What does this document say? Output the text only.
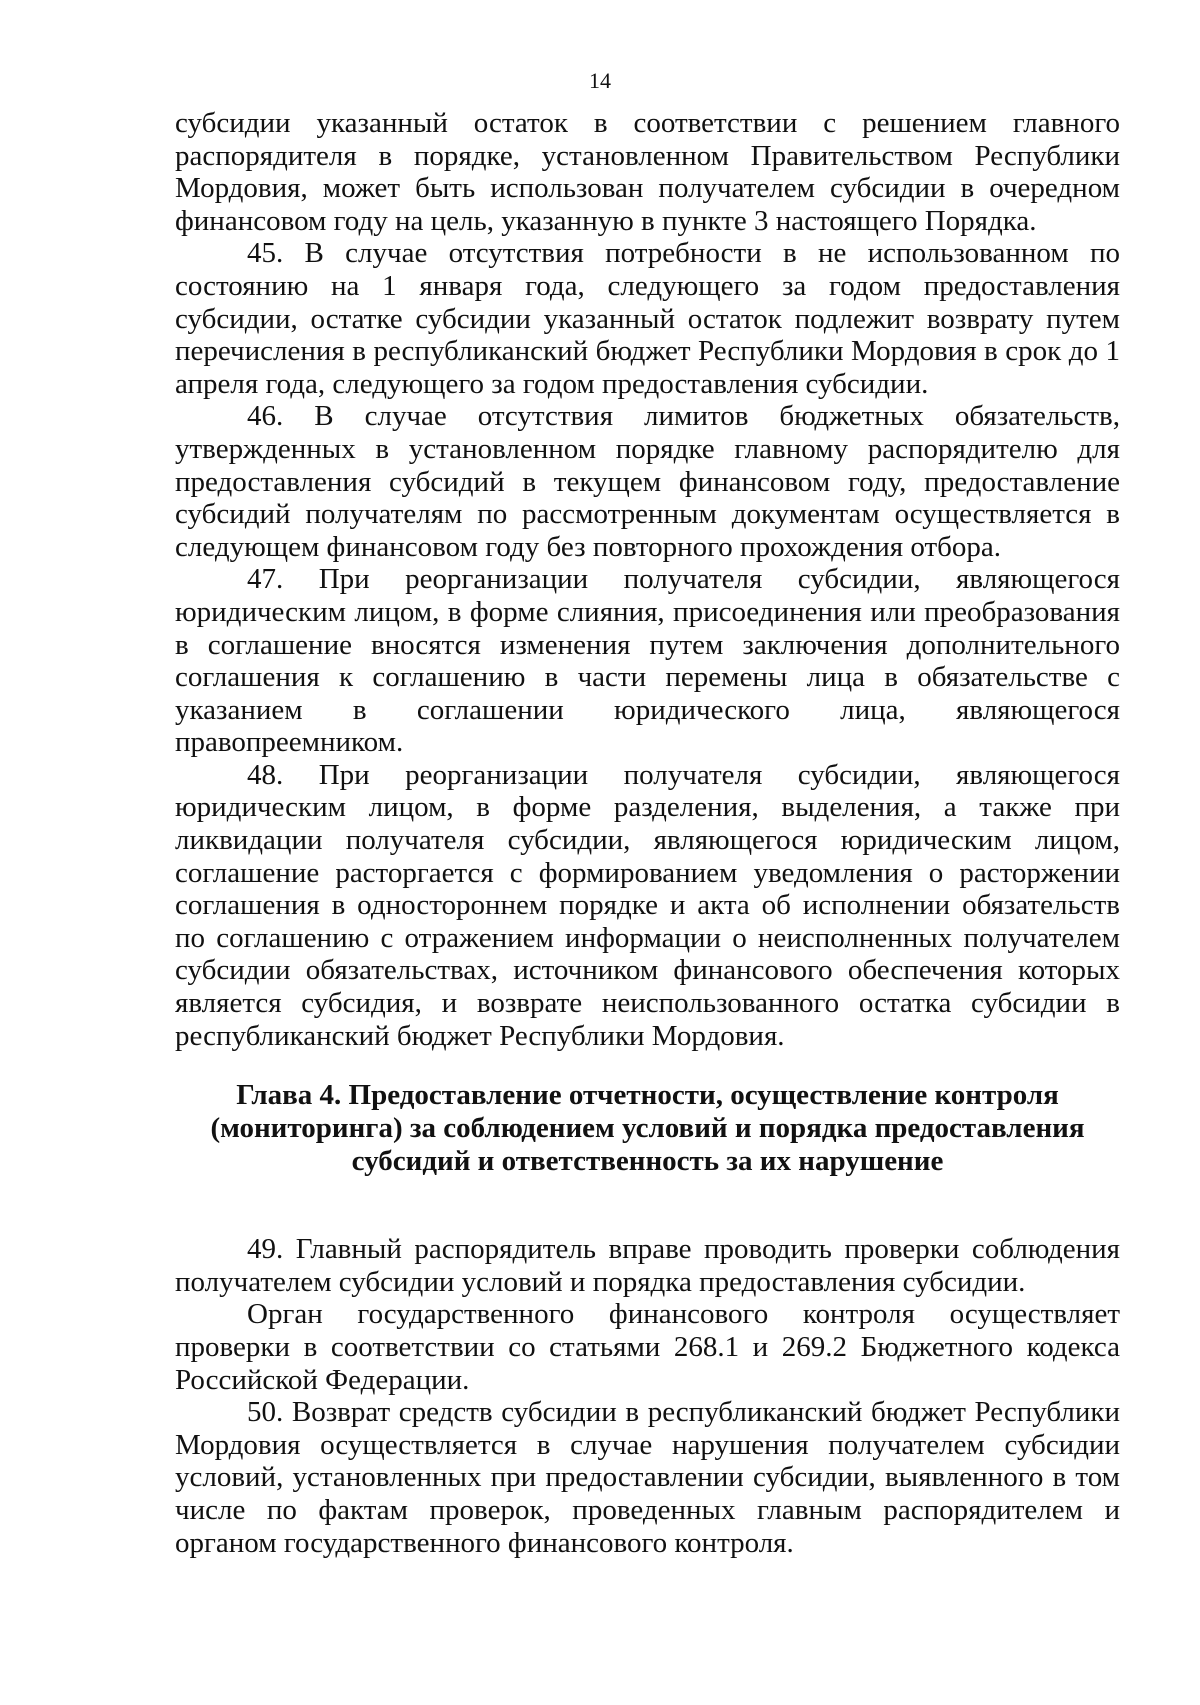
14

субсидии указанный остаток в соответствии с решением главного распорядителя в порядке, установленном Правительством Республики Мордовия, может быть использован получателем субсидии в очередном финансовом году на цель, указанную в пункте 3 настоящего Порядка.

45. В случае отсутствия потребности в не использованном по состоянию на 1 января года, следующего за годом предоставления субсидии, остатке субсидии указанный остаток подлежит возврату путем перечисления в республиканский бюджет Республики Мордовия в срок до 1 апреля года, следующего за годом предоставления субсидии.

46. В случае отсутствия лимитов бюджетных обязательств, утвержденных в установленном порядке главному распорядителю для предоставления субсидий в текущем финансовом году, предоставление субсидий получателям по рассмотренным документам осуществляется в следующем финансовом году без повторного прохождения отбора.

47. При реорганизации получателя субсидии, являющегося юридическим лицом, в форме слияния, присоединения или преобразования в соглашение вносятся изменения путем заключения дополнительного соглашения к соглашению в части перемены лица в обязательстве с указанием в соглашении юридического лица, являющегося правопреемником.

48. При реорганизации получателя субсидии, являющегося юридическим лицом, в форме разделения, выделения, а также при ликвидации получателя субсидии, являющегося юридическим лицом, соглашение расторгается с формированием уведомления о расторжении соглашения в одностороннем порядке и акта об исполнении обязательств по соглашению с отражением информации о неисполненных получателем субсидии обязательствах, источником финансового обеспечения которых является субсидия, и возврате неиспользованного остатка субсидии в республиканский бюджет Республики Мордовия.

Глава 4. Предоставление отчетности, осуществление контроля
(мониторинга) за соблюдением условий и порядка предоставления
субсидий и ответственность за их нарушение

49. Главный распорядитель вправе проводить проверки соблюдения получателем субсидии условий и порядка предоставления субсидии.

Орган государственного финансового контроля осуществляет проверки в соответствии со статьями 268.1 и 269.2 Бюджетного кодекса Российской Федерации.

50. Возврат средств субсидии в республиканский бюджет Республики Мордовия осуществляется в случае нарушения получателем субсидии условий, установленных при предоставлении субсидии, выявленного в том числе по фактам проверок, проведенных главным распорядителем и органом государственного финансового контроля.
